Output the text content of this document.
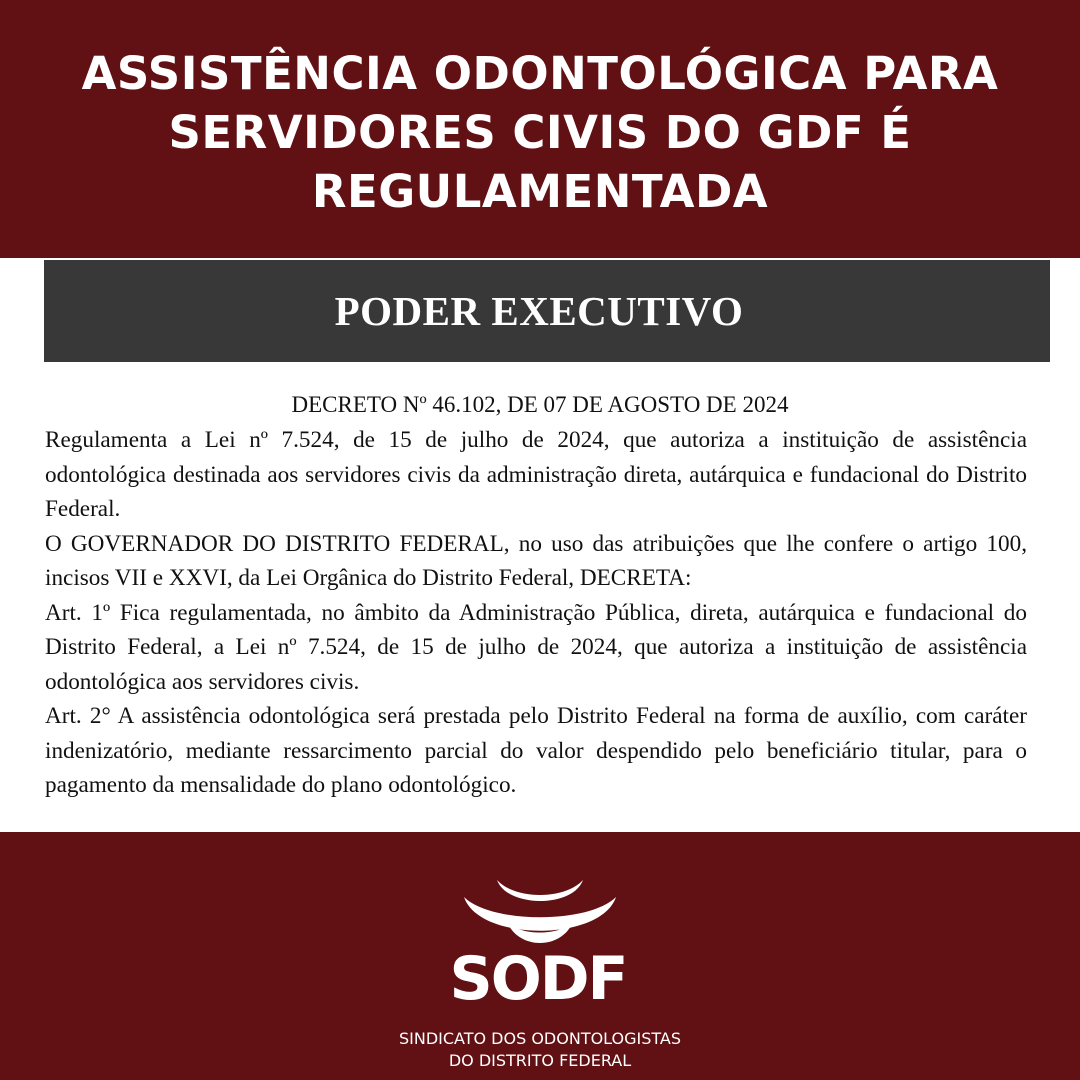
ASSISTÊNCIA ODONTOLÓGICA PARA
SERVIDORES CIVIS DO GDF É
REGULAMENTADA
PODER EXECUTIVO
DECRETO Nº 46.102, DE 07 DE AGOSTO DE 2024

Regulamenta a Lei nº 7.524, de 15 de julho de 2024, que autoriza a instituição de assistência odontológica destinada aos servidores civis da administração direta, autárquica e fundacional do Distrito Federal.

O GOVERNADOR DO DISTRITO FEDERAL, no uso das atribuições que lhe confere o artigo 100, incisos VII e XXVI, da Lei Orgânica do Distrito Federal, DECRETA:

Art. 1º Fica regulamentada, no âmbito da Administração Pública, direta, autárquica e fundacional do Distrito Federal, a Lei nº 7.524, de 15 de julho de 2024, que autoriza a instituição de assistência odontológica aos servidores civis.

Art. 2° A assistência odontológica será prestada pelo Distrito Federal na forma de auxílio, com caráter indenizatório, mediante ressarcimento parcial do valor despendido pelo beneficiário titular, para o pagamento da mensalidade do plano odontológico.

SODF
SINDICATO DOS ODONTOLOGISTAS
DO DISTRITO FEDERAL
